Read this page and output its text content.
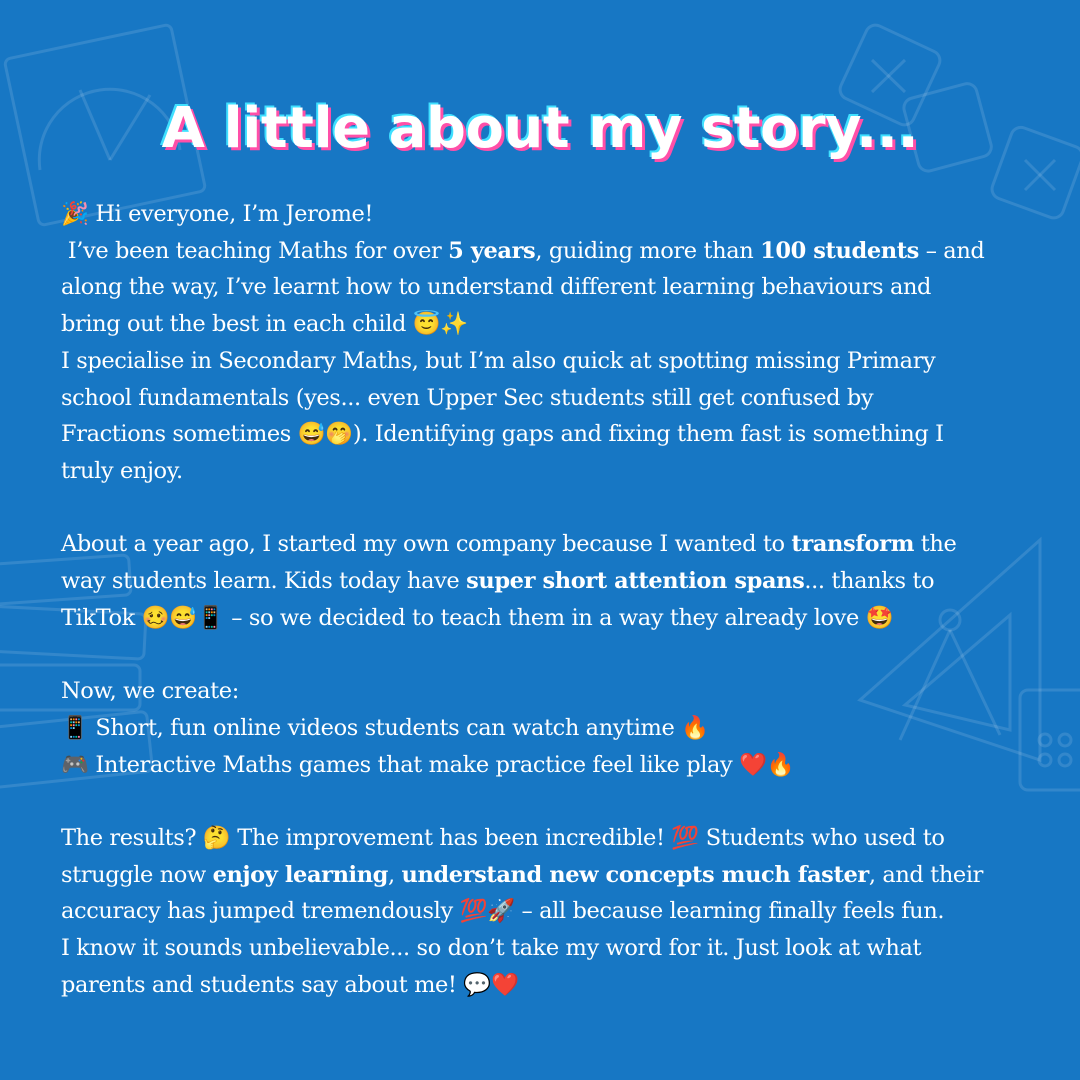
A little about my story...

🎉 Hi everyone, I’m Jerome!

I’ve been teaching Maths for over 5 years, guiding more than 100 students – and

along the way, I’ve learnt how to understand different learning behaviours and

bring out the best in each child 😇✨

I specialise in Secondary Maths, but I’m also quick at spotting missing Primary

school fundamentals (yes... even Upper Sec students still get confused by

Fractions sometimes 😅🤭). Identifying gaps and fixing them fast is something I

truly enjoy.

About a year ago, I started my own company because I wanted to transform the

way students learn. Kids today have super short attention spans... thanks to

TikTok 🥴😅📱 – so we decided to teach them in a way they already love 🤩

Now, we create:

📱 Short, fun online videos students can watch anytime 🔥

🎮 Interactive Maths games that make practice feel like play ❤️🔥

The results? 🤔 The improvement has been incredible! 💯 Students who used to

struggle now enjoy learning, understand new concepts much faster, and their

accuracy has jumped tremendously 💯🚀 – all because learning finally feels fun.

I know it sounds unbelievable... so don’t take my word for it. Just look at what

parents and students say about me! 💬❤️
